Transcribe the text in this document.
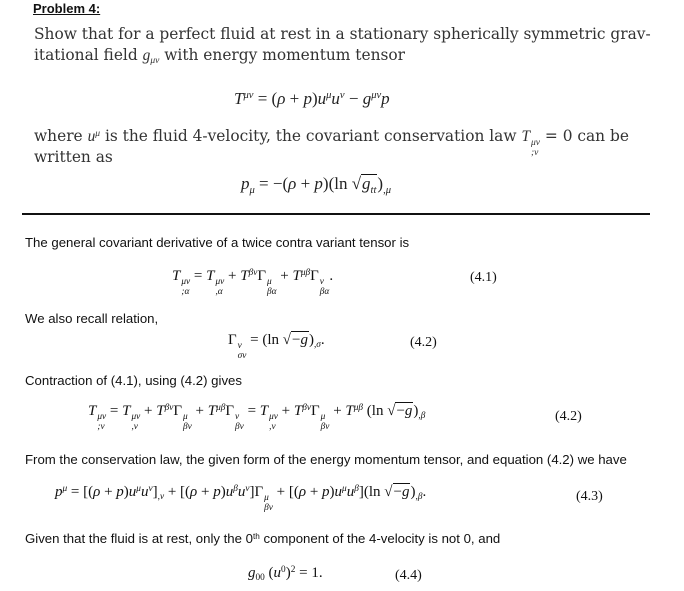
Problem 4:
Show that for a perfect fluid at rest in a stationary spherically symmetric grav-
itational field $g_{\mu\nu}$ with energy momentum tensor
$T^{\mu\nu} = (\rho + p)u^\mu u^\nu - g^{\mu\nu}p$
where $u^\mu$ is the fluid 4-velocity, the covariant conservation law T μν
;ν
= 0 can be
written as
$p_\mu = -(\rho + p)(\ln$ $√g_{tt})_{,\mu}$
The general covariant derivative of a twice contra variant tensor is
T μν
;α
= T μν
,α
+ $T^{\beta\nu}\Gamma$ μ
βα
+ $T^{\mu\beta}\Gamma$ ν
βα
.	(4.1)
We also recall relation,
Γ ν
σν
= (ln $√-g)_{,\sigma}$.	(4.2)
Contraction of (4.1), using (4.2) gives
T μν
;ν
= T μν
,ν
+ $T^{\beta\nu}\Gamma$ μ
βν
+ $T^{\mu\beta}\Gamma$ ν
βν
= T μν
,ν
+ $T^{\beta\nu}\Gamma$ μ
βν
+ $T^{\mu\beta}$ (ln $√-g)_{,\beta}$	(4.2)
From the conservation law, the given form of the energy momentum tensor, and equation (4.2) we have
$p^\mu = [(\rho + p)u^\mu u^\nu]_{,\nu} + [(\rho + p)u^\beta u^\nu]\Gamma$ μ
βν
+ $[(\rho + p)u^\mu u^\beta](\ln$ $√-g)_{,\beta}$.	(4.3)
Given that the fluid is at rest, only the 0th component of the 4-velocity is not 0, and
$g_{00}$ $(u^0)^2 = 1$.	(4.4)
